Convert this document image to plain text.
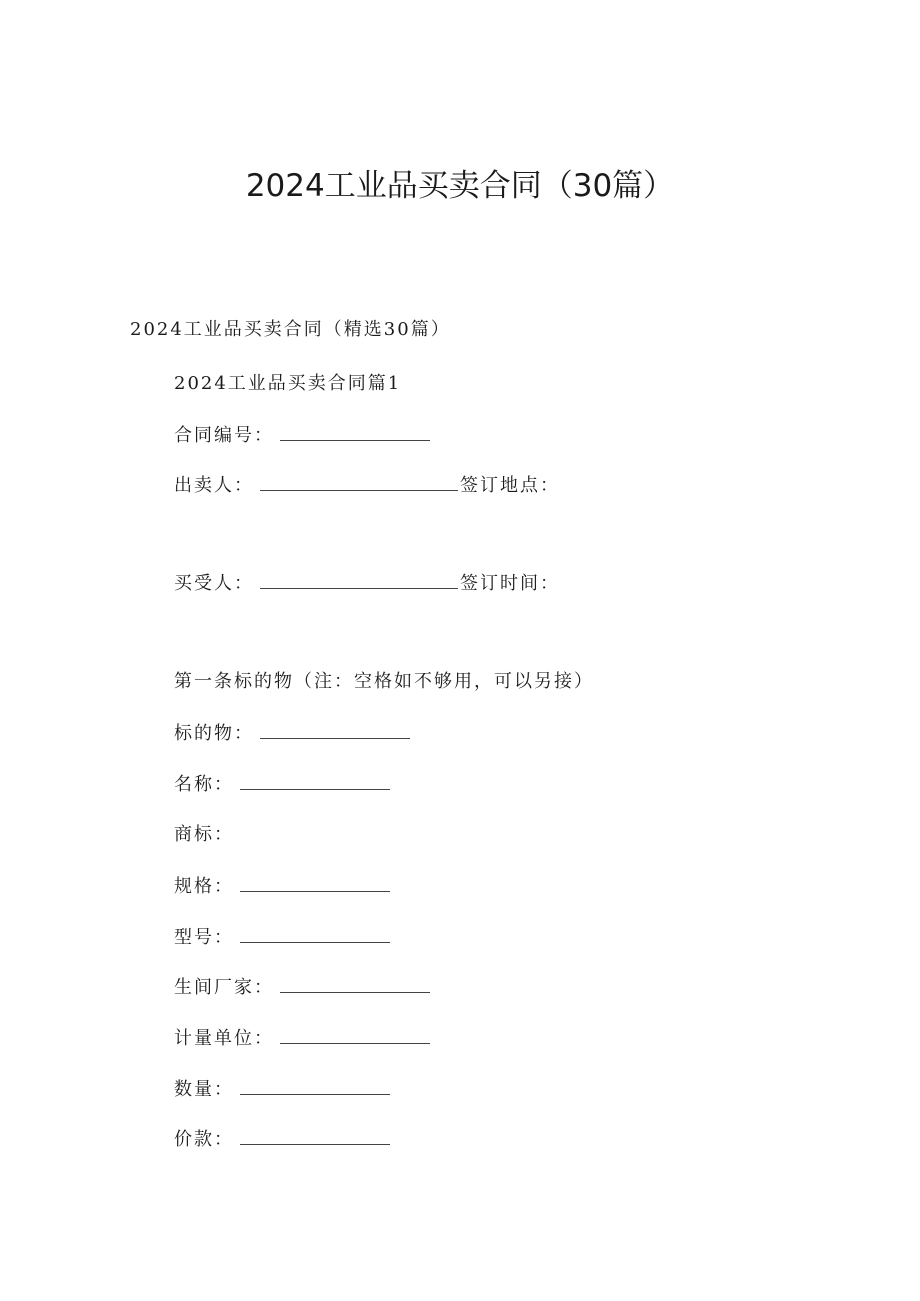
2024工业品买卖合同（30篇）
2024工业品买卖合同（精选30篇）
2024工业品买卖合同篇1
合同编号：
出卖人：	签订地点：
买受人：	签订时间：
第一条标的物（注：空格如不够用，可以另接）
标的物：
名称：
商标：
规格：
型号：
生间厂家：
计量单位：
数量：
价款：
